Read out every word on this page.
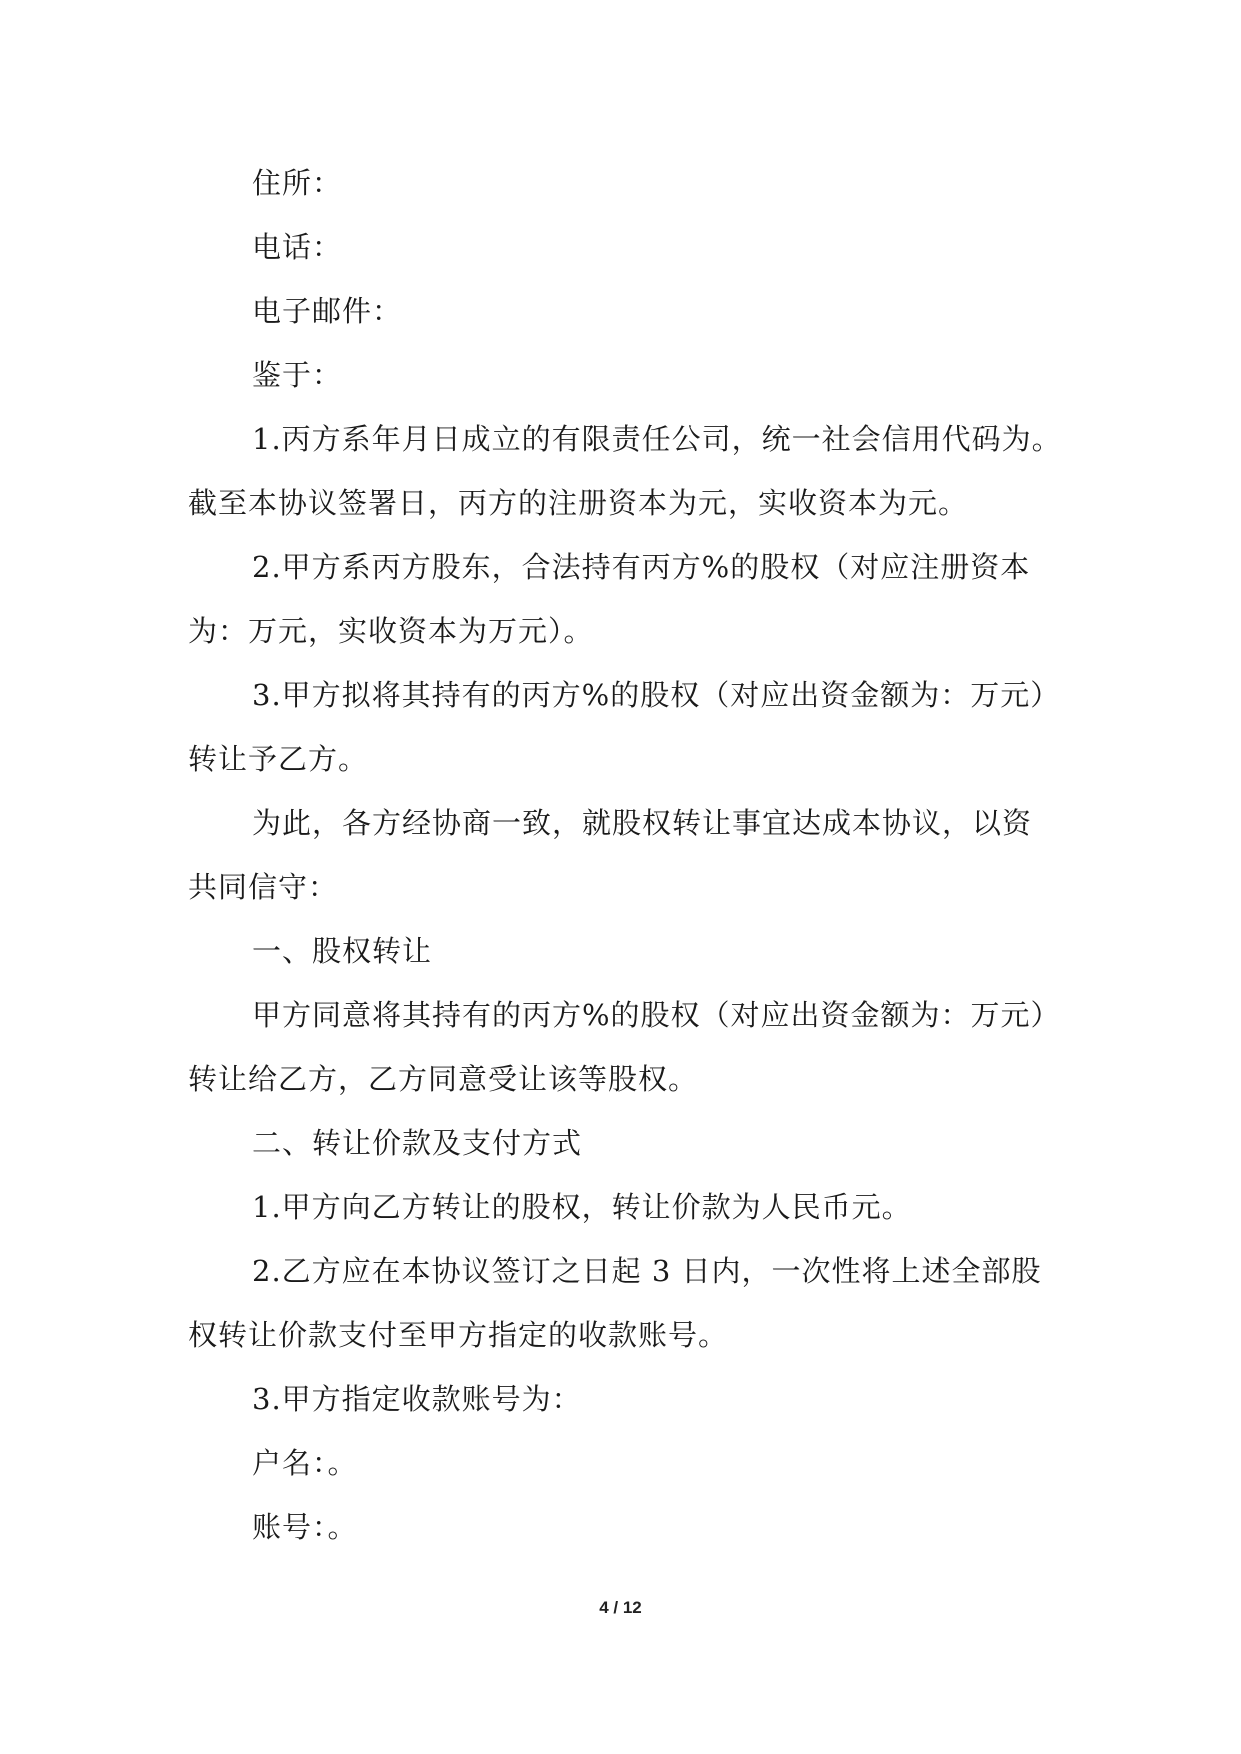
住所：
电话：
电子邮件：
鉴于：
1.丙方系年月日成立的有限责任公司，统一社会信用代码为。
截至本协议签署日，丙方的注册资本为元，实收资本为元。
2.甲方系丙方股东，合法持有丙方%的股权（对应注册资本
为：万元，实收资本为万元）。
3.甲方拟将其持有的丙方%的股权（对应出资金额为：万元）
转让予乙方。
为此，各方经协商一致，就股权转让事宜达成本协议，以资
共同信守：
一、股权转让
甲方同意将其持有的丙方%的股权（对应出资金额为：万元）
转让给乙方，乙方同意受让该等股权。
二、转让价款及支付方式
1.甲方向乙方转让的股权，转让价款为人民币元。
2.乙方应在本协议签订之日起 3 日内，一次性将上述全部股
权转让价款支付至甲方指定的收款账号。
3.甲方指定收款账号为：
户名：。
账号：。
4 / 12
